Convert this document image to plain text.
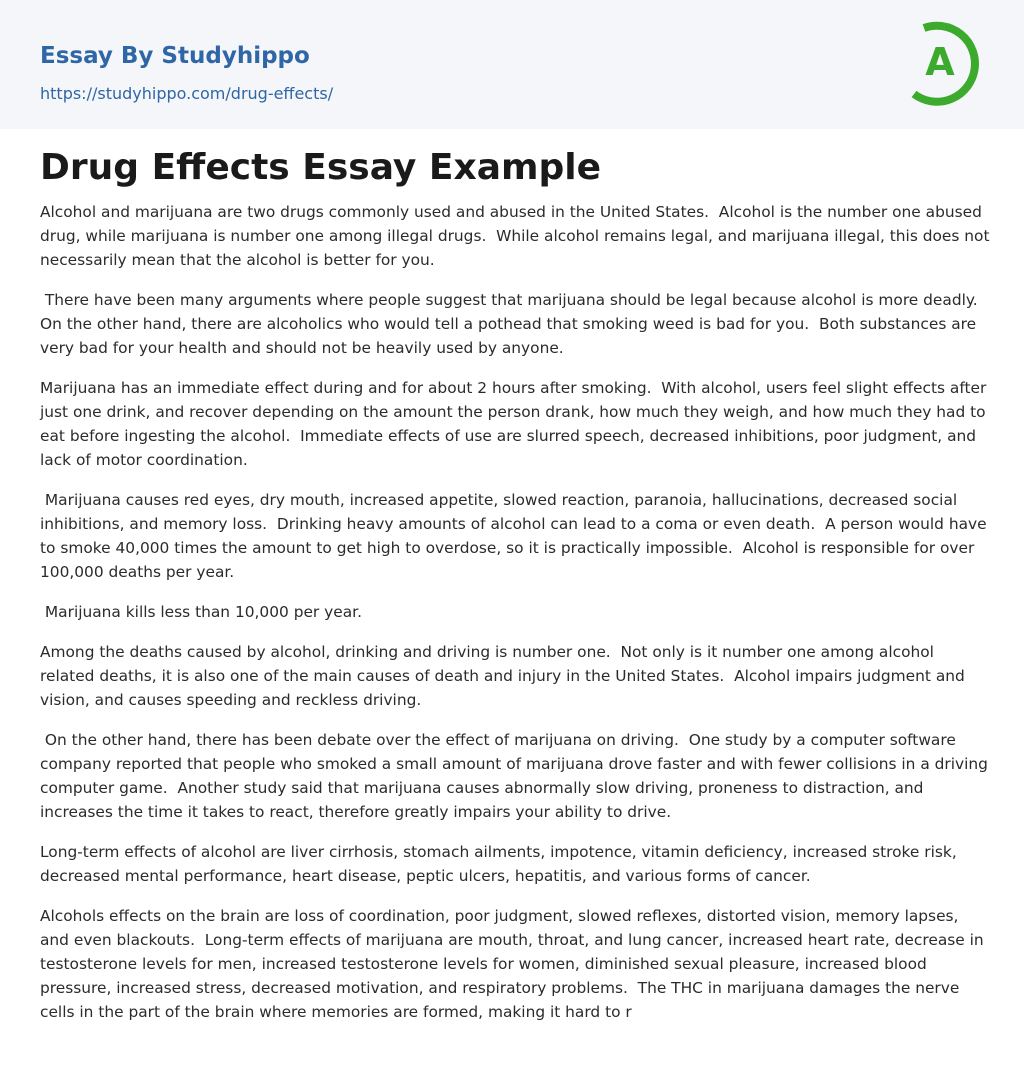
Essay By Studyhippo
https://studyhippo.com/drug-effects/
A
Drug Effects Essay Example

Alcohol and marijuana are two drugs commonly used and abused in the United States.  Alcohol is the number one abused drug, while marijuana is number one among illegal drugs.  While alcohol remains legal, and marijuana illegal, this does not necessarily mean that the alcohol is better for you.

There have been many arguments where people suggest that marijuana should be legal because alcohol is more deadly.  On the other hand, there are alcoholics who would tell a pothead that smoking weed is bad for you.  Both substances are very bad for your health and should not be heavily used by anyone.

Marijuana has an immediate effect during and for about 2 hours after smoking.  With alcohol, users feel slight effects after just one drink, and recover depending on the amount the person drank, how much they weigh, and how much they had to eat before ingesting the alcohol.  Immediate effects of use are slurred speech, decreased inhibitions, poor judgment, and lack of motor coordination.

Marijuana causes red eyes, dry mouth, increased appetite, slowed reaction, paranoia, hallucinations, decreased social inhibitions, and memory loss.  Drinking heavy amounts of alcohol can lead to a coma or even death.  A person would have to smoke 40,000 times the amount to get high to overdose, so it is practically impossible.  Alcohol is responsible for over 100,000 deaths per year.

Marijuana kills less than 10,000 per year.

Among the deaths caused by alcohol, drinking and driving is number one.  Not only is it number one among alcohol related deaths, it is also one of the main causes of death and injury in the United States.  Alcohol impairs judgment and vision, and causes speeding and reckless driving.

On the other hand, there has been debate over the effect of marijuana on driving.  One study by a computer software company reported that people who smoked a small amount of marijuana drove faster and with fewer collisions in a driving computer game.  Another study said that marijuana causes abnormally slow driving, proneness to distraction, and increases the time it takes to react, therefore greatly impairs your ability to drive.

Long-term effects of alcohol are liver cirrhosis, stomach ailments, impotence, vitamin deficiency, increased stroke risk, decreased mental performance, heart disease, peptic ulcers, hepatitis, and various forms of cancer.

Alcohols effects on the brain are loss of coordination, poor judgment, slowed reflexes, distorted vision, memory lapses, and even blackouts.  Long-term effects of marijuana are mouth, throat, and lung cancer, increased heart rate, decrease in testosterone levels for men, increased testosterone levels for women, diminished sexual pleasure, increased blood pressure, increased stress, decreased motivation, and respiratory problems.  The THC in marijuana damages the nerve cells in the part of the brain where memories are formed, making it hard to r
